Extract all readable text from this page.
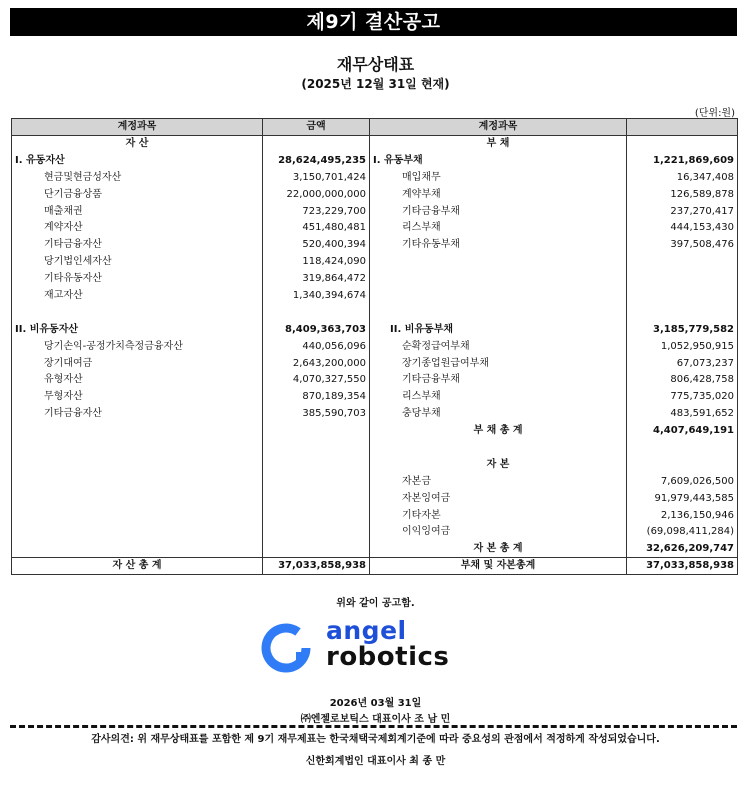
제9기 결산공고
재무상태표
(2025년 12월 31일 현재)
(단위:원)
계정과목	금액	계정과목	
자 산		부 채	
I. 유동자산	28,624,495,235	I. 유동부채	1,221,869,609
현금및현금성자산	3,150,701,424	매입채무	16,347,408
단기금융상품	22,000,000,000	계약부채	126,589,878
매출채권	723,229,700	기타금융부채	237,270,417
계약자산	451,480,481	리스부채	444,153,430
기타금융자산	520,400,394	기타유동부채	397,508,476
당기법인세자산	118,424,090		
기타유동자산	319,864,472		
재고자산	1,340,394,674		

II. 비유동자산	8,409,363,703	II. 비유동부채	3,185,779,582
당기손익-공정가치측정금융자산	440,056,096	순확정급여부채	1,052,950,915
장기대여금	2,643,200,000	장기종업원급여부채	67,073,237
유형자산	4,070,327,550	기타금융부채	806,428,758
무형자산	870,189,354	리스부채	775,735,020
기타금융자산	385,590,703	충당부채	483,591,652
		부 채 총 계	4,407,649,191

		자 본	
		자본금	7,609,026,500
		자본잉여금	91,979,443,585
		기타자본	2,136,150,946
		이익잉여금	(69,098,411,284)
		자 본 총 계	32,626,209,747
자 산 총 계	37,033,858,938	부채 및 자본총계	37,033,858,938
위와 같이 공고함.
angel
robotics
2026년 03월 31일
㈜엔젤로보틱스 대표이사 조 남 민
감사의견: 위 재무상태표를 포함한 제 9기 재무제표는 한국채택국제회계기준에 따라 중요성의 관점에서 적정하게 작성되었습니다.
신한회계법인 대표이사 최 종 만
